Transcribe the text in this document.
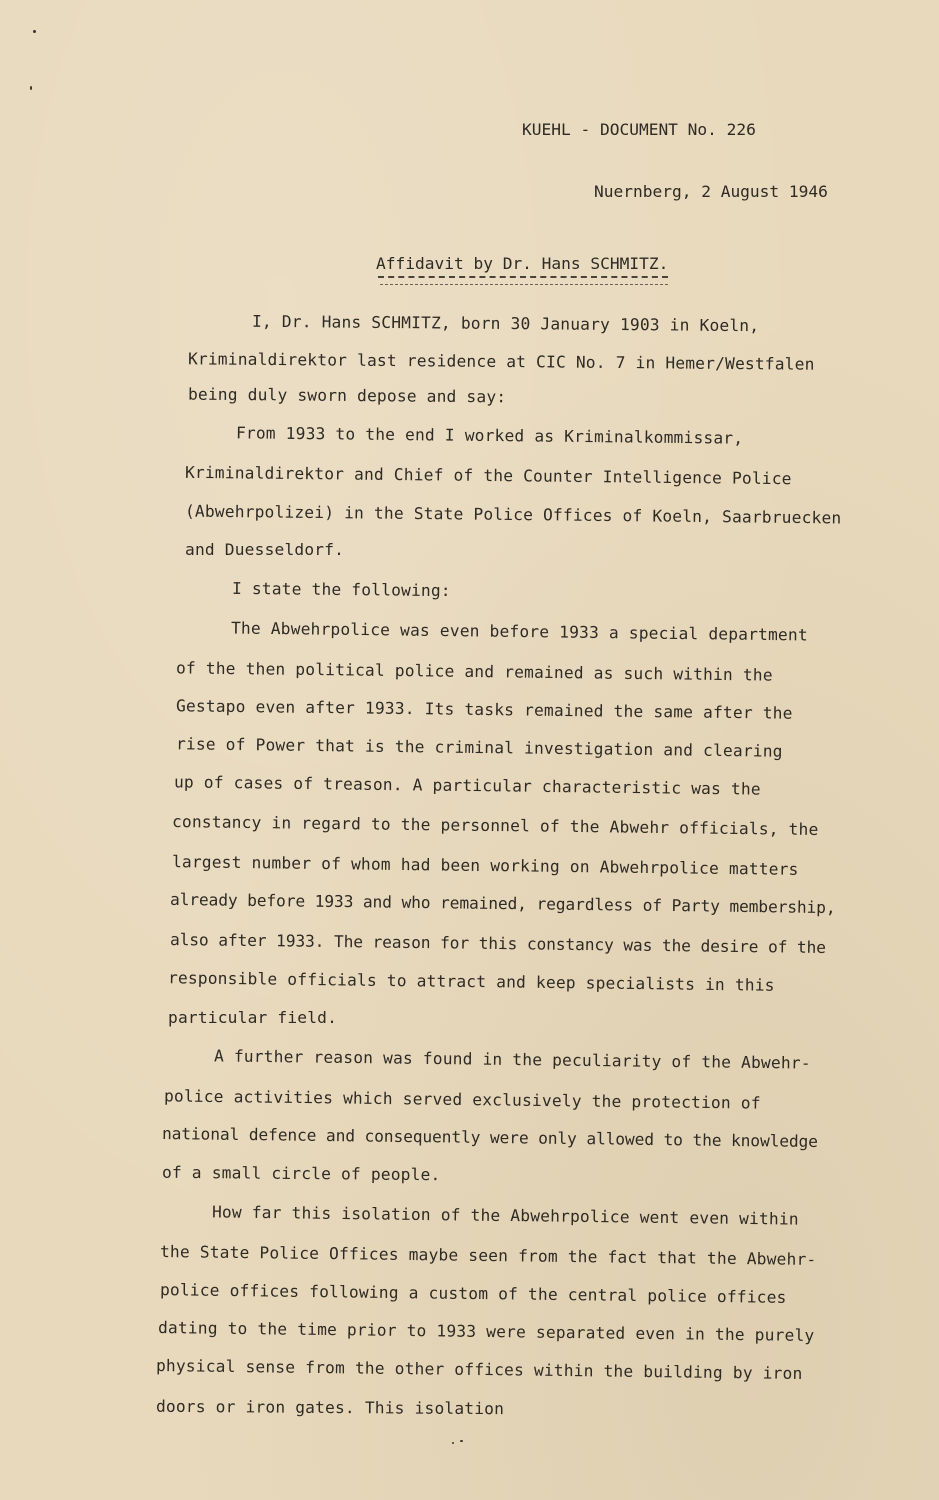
KUEHL - DOCUMENT No. 226
Nuernberg, 2 August 1946
Affidavit by Dr. Hans SCHMITZ.
I, Dr. Hans SCHMITZ, born 30 January 1903 in Koeln,
Kriminaldirektor last residence at CIC No. 7 in Hemer/Westfalen
being duly sworn depose and say:
From 1933 to the end I worked as Kriminalkommissar,
Kriminaldirektor and Chief of the Counter Intelligence Police
(Abwehrpolizei) in the State Police Offices of Koeln, Saarbruecken
and Duesseldorf.
I state the following:
The Abwehrpolice was even before 1933 a special department
of the then political police and remained as such within the
Gestapo even after 1933. Its tasks remained the same after the
rise of Power that is the criminal investigation and clearing
up of cases of treason. A particular characteristic was the
constancy in regard to the personnel of the Abwehr officials, the
largest number of whom had been working on Abwehrpolice matters
already before 1933 and who remained, regardless of Party membership,
also after 1933. The reason for this constancy was the desire of the
responsible officials to attract and keep specialists in this
particular field.
A further reason was found in the peculiarity of the Abwehr-
police activities which served exclusively the protection of
national defence and consequently were only allowed to the knowledge
of a small circle of people.
How far this isolation of the Abwehrpolice went even within
the State Police Offices maybe seen from the fact that the Abwehr-
police offices following a custom of the central police offices
dating to the time prior to 1933 were separated even in the purely
physical sense from the other offices within the building by iron
doors or iron gates. This isolation
